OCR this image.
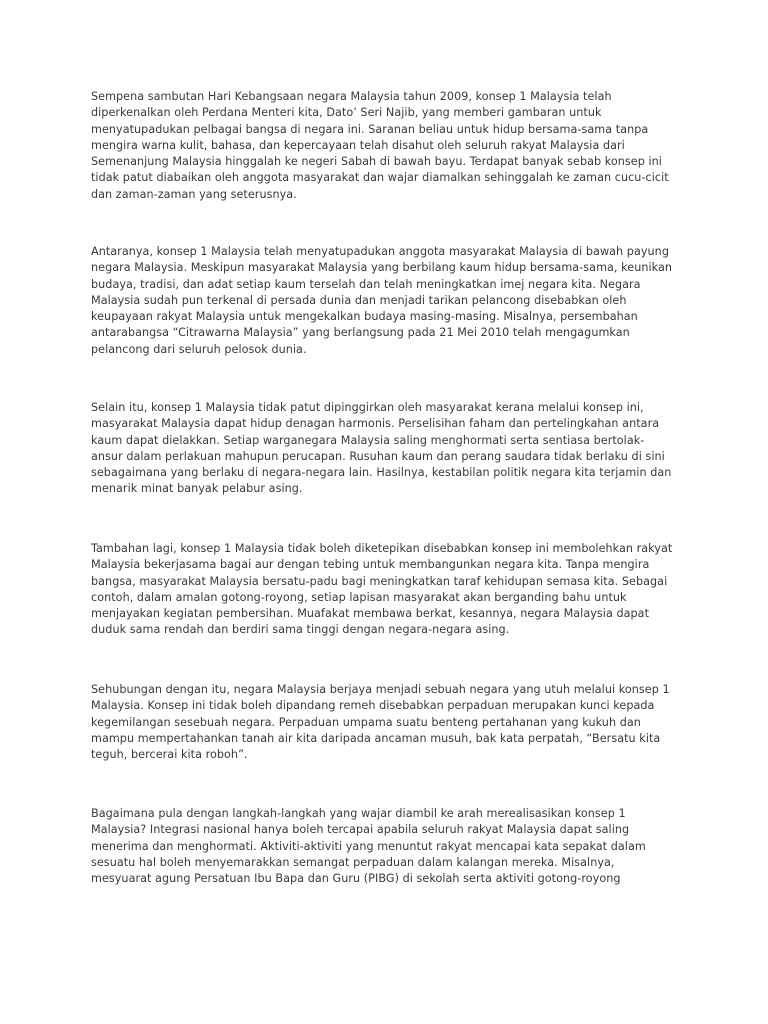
Sempena sambutan Hari Kebangsaan negara Malaysia tahun 2009, konsep 1 Malaysia telah
diperkenalkan oleh Perdana Menteri kita, Dato’ Seri Najib, yang memberi gambaran untuk
menyatupadukan pelbagai bangsa di negara ini. Saranan beliau untuk hidup bersama-sama tanpa
mengira warna kulit, bahasa, dan kepercayaan telah disahut oleh seluruh rakyat Malaysia dari
Semenanjung Malaysia hinggalah ke negeri Sabah di bawah bayu. Terdapat banyak sebab konsep ini
tidak patut diabaikan oleh anggota masyarakat dan wajar diamalkan sehinggalah ke zaman cucu-cicit
dan zaman-zaman yang seterusnya.

Antaranya, konsep 1 Malaysia telah menyatupadukan anggota masyarakat Malaysia di bawah payung
negara Malaysia. Meskipun masyarakat Malaysia yang berbilang kaum hidup bersama-sama, keunikan
budaya, tradisi, dan adat setiap kaum terselah dan telah meningkatkan imej negara kita. Negara
Malaysia sudah pun terkenal di persada dunia dan menjadi tarikan pelancong disebabkan oleh
keupayaan rakyat Malaysia untuk mengekalkan budaya masing-masing. Misalnya, persembahan
antarabangsa “Citrawarna Malaysia” yang berlangsung pada 21 Mei 2010 telah mengagumkan
pelancong dari seluruh pelosok dunia.

Selain itu, konsep 1 Malaysia tidak patut dipinggirkan oleh masyarakat kerana melalui konsep ini,
masyarakat Malaysia dapat hidup denagan harmonis. Perselisihan faham dan pertelingkahan antara
kaum dapat dielakkan. Setiap warganegara Malaysia saling menghormati serta sentiasa bertolak-
ansur dalam perlakuan mahupun perucapan. Rusuhan kaum dan perang saudara tidak berlaku di sini
sebagaimana yang berlaku di negara-negara lain. Hasilnya, kestabilan politik negara kita terjamin dan
menarik minat banyak pelabur asing.

Tambahan lagi, konsep 1 Malaysia tidak boleh diketepikan disebabkan konsep ini membolehkan rakyat
Malaysia bekerjasama bagai aur dengan tebing untuk membangunkan negara kita. Tanpa mengira
bangsa, masyarakat Malaysia bersatu-padu bagi meningkatkan taraf kehidupan semasa kita. Sebagai
contoh, dalam amalan gotong-royong, setiap lapisan masyarakat akan berganding bahu untuk
menjayakan kegiatan pembersihan. Muafakat membawa berkat, kesannya, negara Malaysia dapat
duduk sama rendah dan berdiri sama tinggi dengan negara-negara asing.

Sehubungan dengan itu, negara Malaysia berjaya menjadi sebuah negara yang utuh melalui konsep 1
Malaysia. Konsep ini tidak boleh dipandang remeh disebabkan perpaduan merupakan kunci kepada
kegemilangan sesebuah negara. Perpaduan umpama suatu benteng pertahanan yang kukuh dan
mampu mempertahankan tanah air kita daripada ancaman musuh, bak kata perpatah, “Bersatu kita
teguh, bercerai kita roboh”.

Bagaimana pula dengan langkah-langkah yang wajar diambil ke arah merealisasikan konsep 1
Malaysia? Integrasi nasional hanya boleh tercapai apabila seluruh rakyat Malaysia dapat saling
menerima dan menghormati. Aktiviti-aktiviti yang menuntut rakyat mencapai kata sepakat dalam
sesuatu hal boleh menyemarakkan semangat perpaduan dalam kalangan mereka. Misalnya,
mesyuarat agung Persatuan Ibu Bapa dan Guru (PIBG) di sekolah serta aktiviti gotong-royong
